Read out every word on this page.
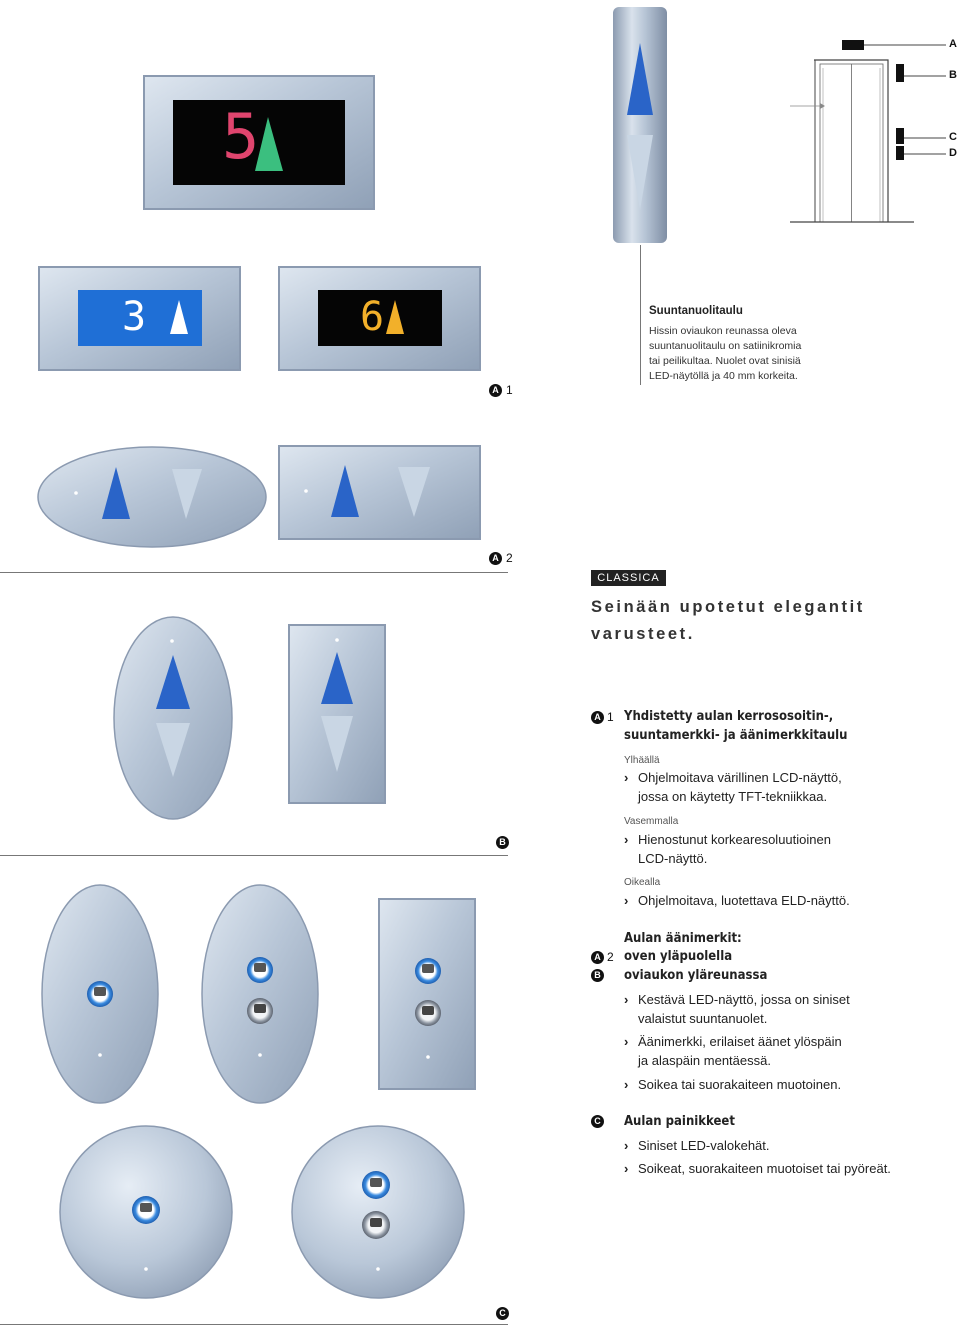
5
3	6
A
B
C
D
Suuntanuolitaulu
Hissin oviaukon reunassa oleva
suuntanuolitaulu on satiinikromia
tai peilikultaa. Nuolet ovat sinisiä
LED-näytöllä ja 40 mm korkeita.
A 1
A 2
CLASSICA
Seinään upotetut elegantit
varusteet.
B
A 1 Yhdistetty aulan kerrososoitin-,
suuntamerkki- ja äänimerkkitaulu
Ylhäällä
› Ohjelmoitava värillinen LCD-näyttö,
jossa on käytetty TFT-tekniikkaa.
Vasemmalla
› Hienostunut korkearesoluutioinen
LCD-näyttö.
Oikealla
› Ohjelmoitava, luotettava ELD-näyttö.
Aulan äänimerkit:
A 2 oven yläpuolella
B oviaukon yläreunassa
› Kestävä LED-näyttö, jossa on siniset
valaistut suuntanuolet.
› Äänimerkki, erilaiset äänet ylöspäin
ja alaspäin mentäessä.
› Soikea tai suorakaiteen muotoinen.
C Aulan painikkeet
› Siniset LED-valokehät.
› Soikeat, suorakaiteen muotoiset tai pyöreät.
C
